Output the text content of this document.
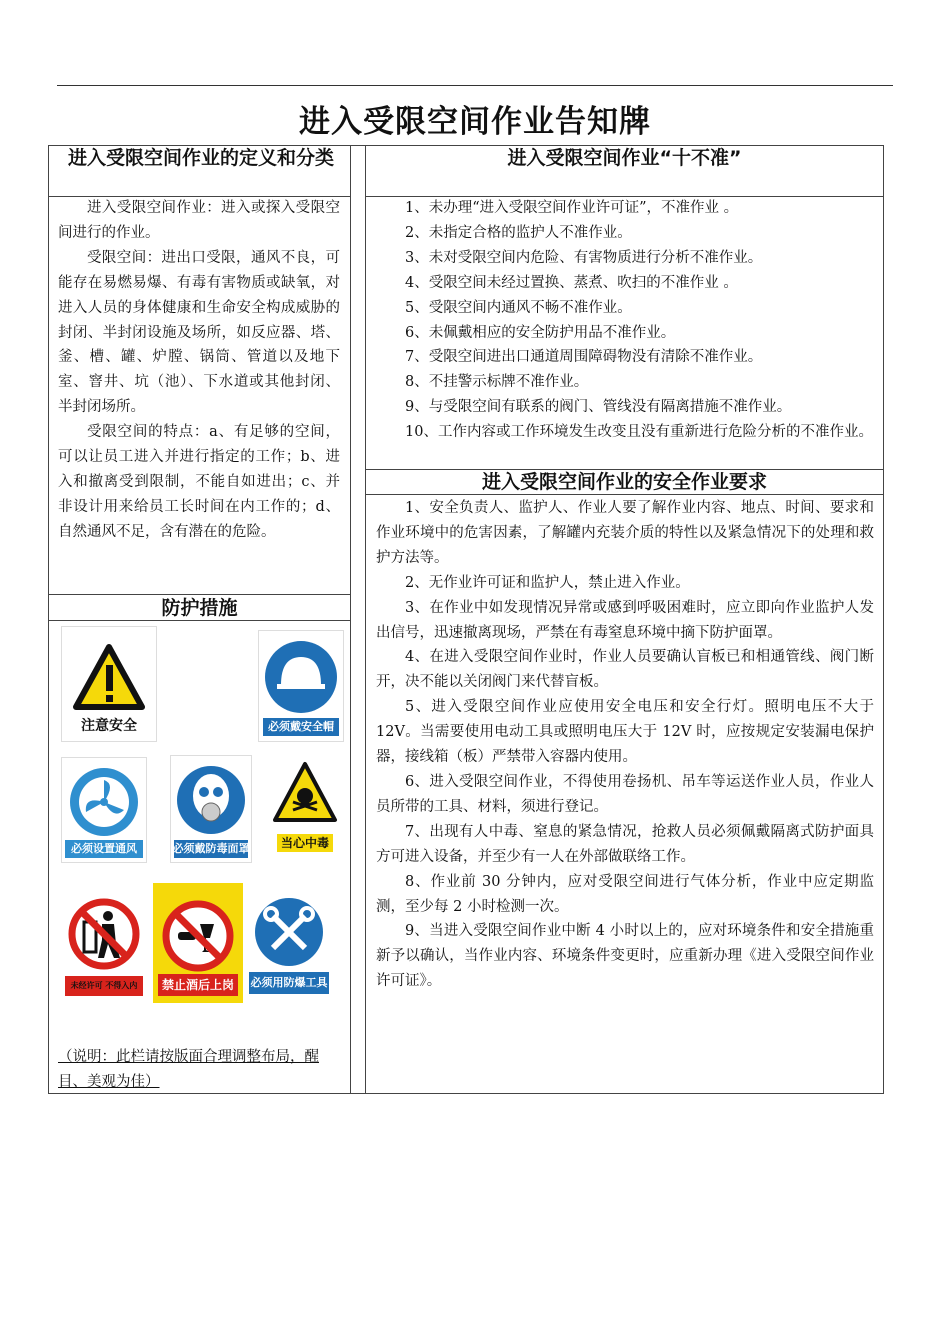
进入受限空间作业告知牌
进入受限空间作业的定义和分类

进入受限空间作业：进入或探入受限空间进行的作业。

受限空间：进出口受限，通风不良，可能存在易燃易爆、有毒有害物质或缺氧，对进入人员的身体健康和生命安全构成威胁的封闭、半封闭设施及场所，如反应器、塔、釜、槽、罐、炉膛、锅筒、管道以及地下室、窨井、坑（池）、下水道或其他封闭、半封闭场所。

受限空间的特点：a、有足够的空间，可以让员工进入并进行指定的工作；b、进入和撤离受到限制，不能自如进出；c、并非设计用来给员工长时间在内工作的；d、自然通风不足，含有潜在的危险。

防护措施
注意安全	必须戴安全帽
必须设置通风	必须戴防毒面罩	当心中毒
未经许可 不得入内	禁止酒后上岗	必须用防爆工具
（说明：此栏请按版面合理调整布局，醒目、美观为佳）
进入受限空间作业“十不准”

1、未办理“进入受限空间作业许可证”，不准作业 。

2、未指定合格的监护人不准作业。

3、未对受限空间内危险、有害物质进行分析不准作业。

4、受限空间未经过置换、蒸煮、吹扫的不准作业 。

5、受限空间内通风不畅不准作业。

6、未佩戴相应的安全防护用品不准作业。

7、受限空间进出口通道周围障碍物没有清除不准作业。

8、不挂警示标牌不准作业。

9、与受限空间有联系的阀门、管线没有隔离措施不准作业。

10、工作内容或工作环境发生改变且没有重新进行危险分析的不准作业。

进入受限空间作业的安全作业要求

1、安全负责人、监护人、作业人要了解作业内容、地点、时间、要求和作业环境中的危害因素，了解罐内充装介质的特性以及紧急情况下的处理和救护方法等。

2、无作业许可证和监护人，禁止进入作业。

3、在作业中如发现情况异常或感到呼吸困难时，应立即向作业监护人发出信号，迅速撤离现场，严禁在有毒窒息环境中摘下防护面罩。

4、在进入受限空间作业时，作业人员要确认盲板已和相通管线、阀门断开，决不能以关闭阀门来代替盲板。

5、进入受限空间作业应使用安全电压和安全行灯。照明电压不大于 12V。当需要使用电动工具或照明电压大于 12V 时，应按规定安装漏电保护器，接线箱（板）严禁带入容器内使用。

6、进入受限空间作业，不得使用卷扬机、吊车等运送作业人员，作业人员所带的工具、材料，须进行登记。

7、出现有人中毒、窒息的紧急情况，抢救人员必须佩戴隔离式防护面具方可进入设备，并至少有一人在外部做联络工作。

8、作业前 30 分钟内，应对受限空间进行气体分析，作业中应定期监测，至少每 2 小时检测一次。

9、当进入受限空间作业中断 4 小时以上的，应对环境条件和安全措施重新予以确认，当作业内容、环境条件变更时，应重新办理《进入受限空间作业许可证》。
